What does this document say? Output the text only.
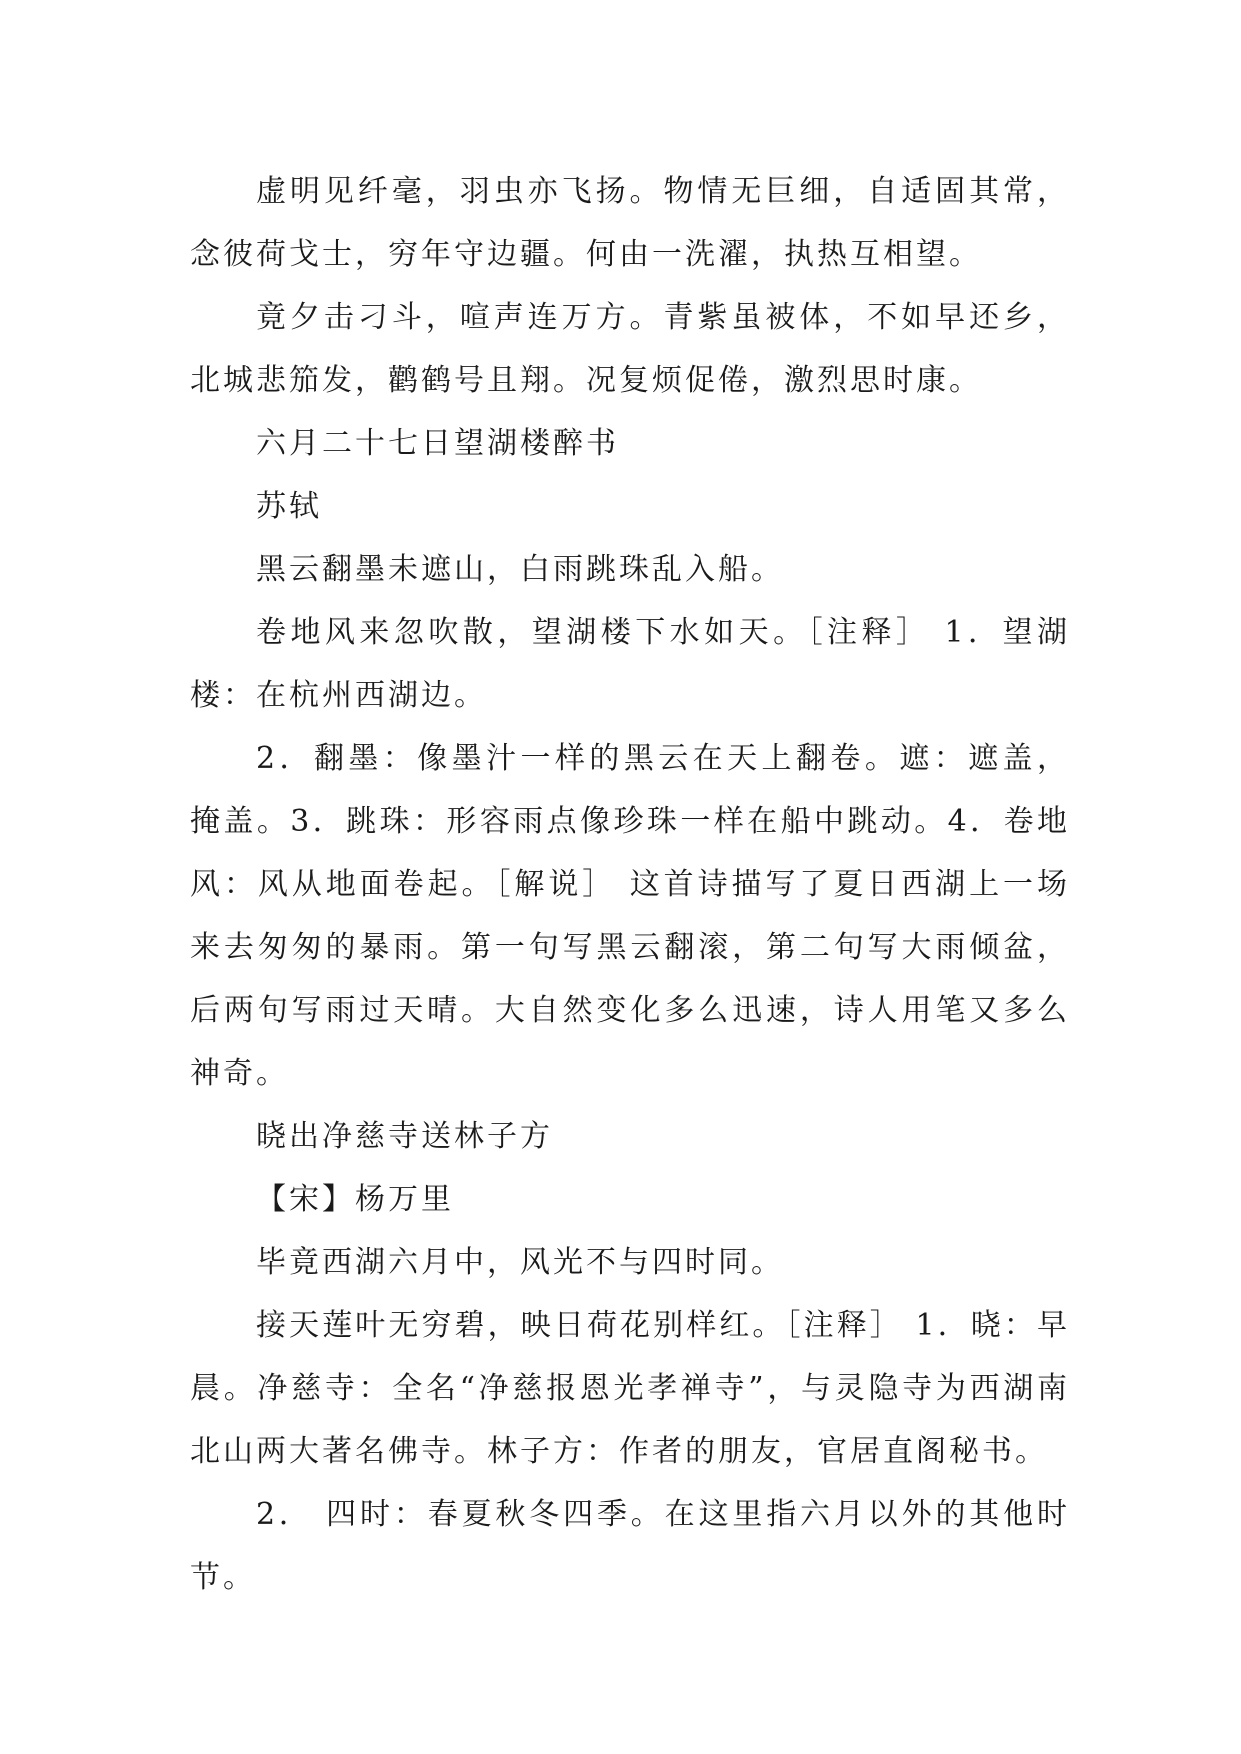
虚明见纤毫，羽虫亦飞扬。物情无巨细，自适固其常，念彼荷戈士，穷年守边疆。何由一洗濯，执热互相望。

竟夕击刁斗，喧声连万方。青紫虽被体，不如早还乡，北城悲笳发，鹳鹤号且翔。况复烦促倦，激烈思时康。

六月二十七日望湖楼醉书

苏轼

黑云翻墨未遮山，白雨跳珠乱入船。

卷地风来忽吹散，望湖楼下水如天。［注释］ 1．望湖楼：在杭州西湖边。

2．翻墨：像墨汁一样的黑云在天上翻卷。遮：遮盖，掩盖。3．跳珠：形容雨点像珍珠一样在船中跳动。4．卷地风：风从地面卷起。［解说］ 这首诗描写了夏日西湖上一场来去匆匆的暴雨。第一句写黑云翻滚，第二句写大雨倾盆，后两句写雨过天晴。大自然变化多么迅速，诗人用笔又多么神奇。

晓出净慈寺送林子方

【宋】杨万里

毕竟西湖六月中，风光不与四时同。

接天莲叶无穷碧，映日荷花别样红。［注释］ 1．晓：早晨。净慈寺：全名“净慈报恩光孝禅寺”，与灵隐寺为西湖南北山两大著名佛寺。林子方：作者的朋友，官居直阁秘书。

2． 四时：春夏秋冬四季。在这里指六月以外的其他时节。
